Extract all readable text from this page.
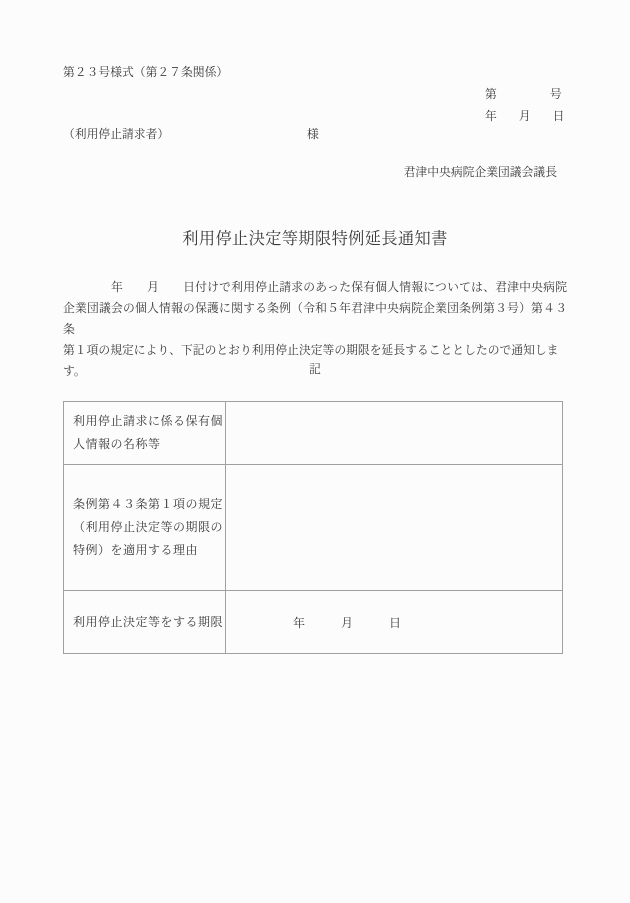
第２３号様式（第２７条関係）
第	号
年 月 日
（利用停止請求者）	様
君津中央病院企業団議会議長
利用停止決定等期限特例延長通知書
　　　　年　　月　　日付けで利用停止請求のあった保有個人情報については、君津中央病院
企業団議会の個人情報の保護に関する条例（令和５年君津中央病院企業団条例第３号）第４３条
第１項の規定により、下記のとおり利用停止決定等の期限を延長することとしたので通知します。	記
利用停止請求に係る保有個人情報の名称等
条例第４３条第１項の規定（利用停止決定等の期限の特例）を適用する理由
利用停止決定等をする期限	年	月	日
